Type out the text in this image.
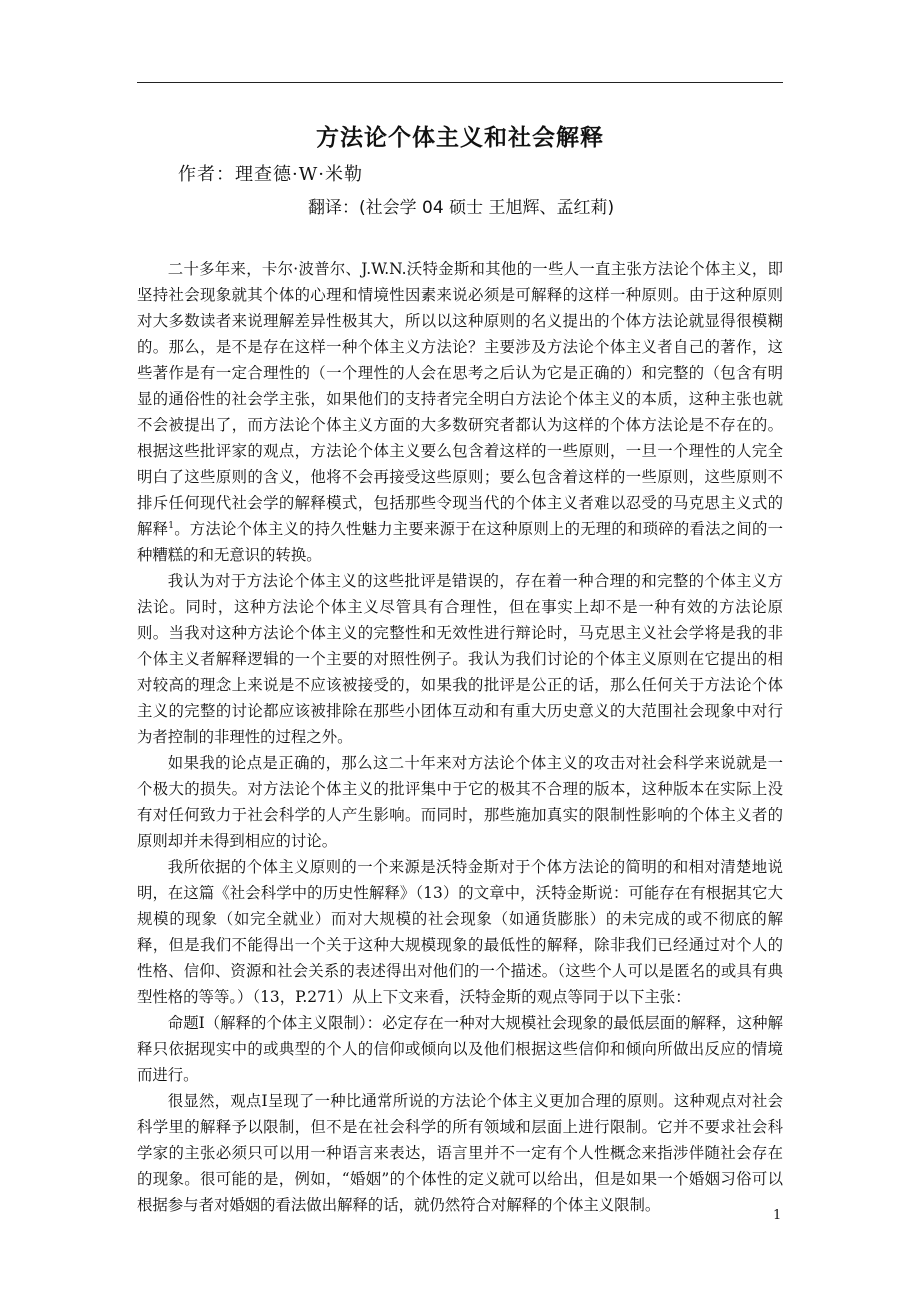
方法论个体主义和社会解释
作者：理查德·W·米勒
翻译：(社会学 04 硕士 王旭辉、孟红莉)

二十多年来，卡尔·波普尔、J.W.N.沃特金斯和其他的一些人一直主张方法论个体主义，即坚持社会现象就其个体的心理和情境性因素来说必须是可解释的这样一种原则。由于这种原则对大多数读者来说理解差异性极其大，所以以这种原则的名义提出的个体方法论就显得很模糊的。那么，是不是存在这样一种个体主义方法论？主要涉及方法论个体主义者自己的著作，这些著作是有一定合理性的（一个理性的人会在思考之后认为它是正确的）和完整的（包含有明显的通俗性的社会学主张，如果他们的支持者完全明白方法论个体主义的本质，这种主张也就不会被提出了，而方法论个体主义方面的大多数研究者都认为这样的个体方法论是不存在的。根据这些批评家的观点，方法论个体主义要么包含着这样的一些原则，一旦一个理性的人完全明白了这些原则的含义，他将不会再接受这些原则；要么包含着这样的一些原则，这些原则不排斥任何现代社会学的解释模式，包括那些令现当代的个体主义者难以忍受的马克思主义式的解释$^1$。方法论个体主义的持久性魅力主要来源于在这种原则上的无理的和琐碎的看法之间的一种糟糕的和无意识的转换。

我认为对于方法论个体主义的这些批评是错误的，存在着一种合理的和完整的个体主义方法论。同时，这种方法论个体主义尽管具有合理性，但在事实上却不是一种有效的方法论原则。当我对这种方法论个体主义的完整性和无效性进行辩论时，马克思主义社会学将是我的非个体主义者解释逻辑的一个主要的对照性例子。我认为我们讨论的个体主义原则在它提出的相对较高的理念上来说是不应该被接受的，如果我的批评是公正的话，那么任何关于方法论个体主义的完整的讨论都应该被排除在那些小团体互动和有重大历史意义的大范围社会现象中对行为者控制的非理性的过程之外。

如果我的论点是正确的，那么这二十年来对方法论个体主义的攻击对社会科学来说就是一个极大的损失。对方法论个体主义的批评集中于它的极其不合理的版本，这种版本在实际上没有对任何致力于社会科学的人产生影响。而同时，那些施加真实的限制性影响的个体主义者的原则却并未得到相应的讨论。

我所依据的个体主义原则的一个来源是沃特金斯对于个体方法论的简明的和相对清楚地说明，在这篇《社会科学中的历史性解释》（13）的文章中，沃特金斯说：可能存在有根据其它大规模的现象（如完全就业）而对大规模的社会现象（如通货膨胀）的未完成的或不彻底的解释，但是我们不能得出一个关于这种大规模现象的最低性的解释，除非我们已经通过对个人的性格、信仰、资源和社会关系的表述得出对他们的一个描述。（这些个人可以是匿名的或具有典型性格的等等。）（13，P.271）从上下文来看，沃特金斯的观点等同于以下主张：

命题Ⅰ（解释的个体主义限制）：必定存在一种对大规模社会现象的最低层面的解释，这种解释只依据现实中的或典型的个人的信仰或倾向以及他们根据这些信仰和倾向所做出反应的情境而进行。

很显然，观点Ⅰ呈现了一种比通常所说的方法论个体主义更加合理的原则。这种观点对社会科学里的解释予以限制，但不是在社会科学的所有领域和层面上进行限制。它并不要求社会科学家的主张必须只可以用一种语言来表达，语言里并不一定有个人性概念来指涉伴随社会存在的现象。很可能的是，例如，“婚姻”的个体性的定义就可以给出，但是如果一个婚姻习俗可以根据参与者对婚姻的看法做出解释的话，就仍然符合对解释的个体主义限制。

1
